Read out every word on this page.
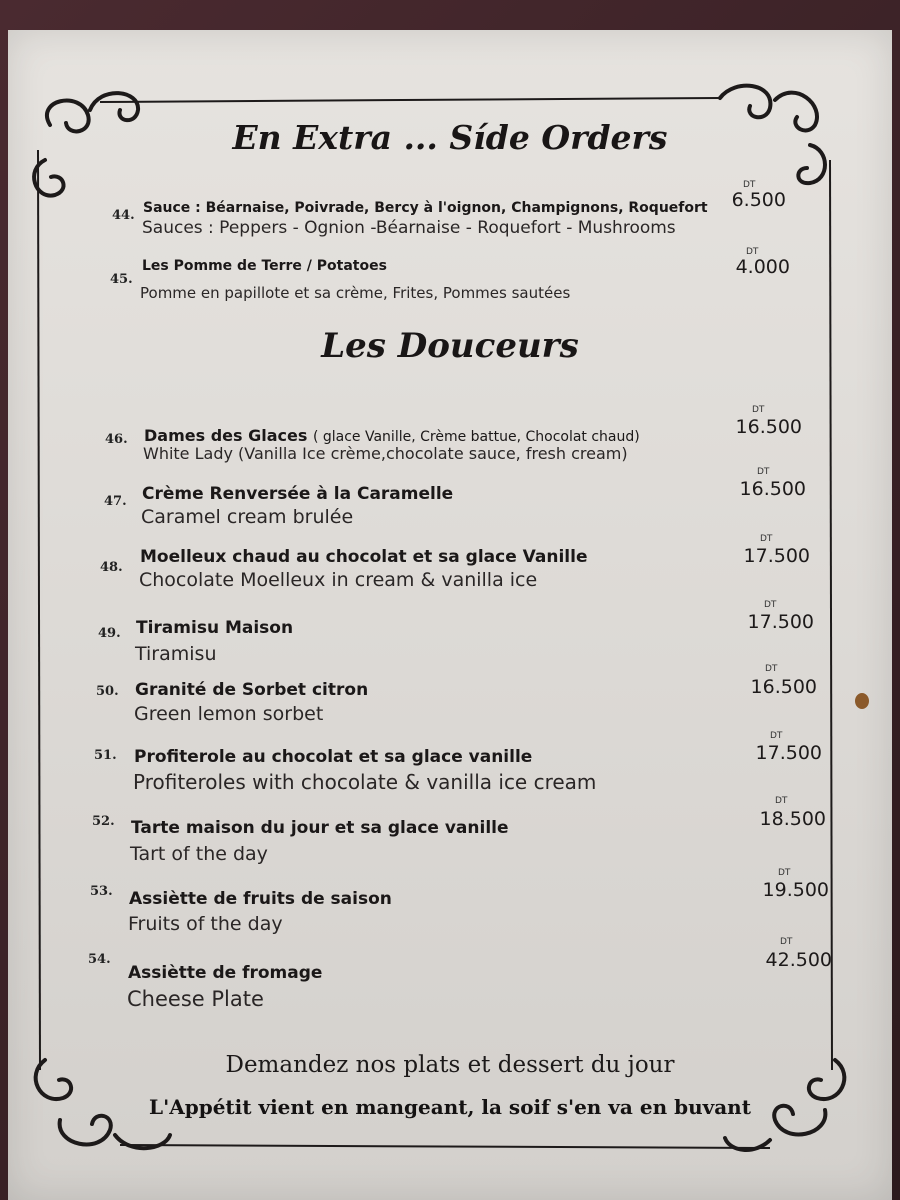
En Extra ... Síde Orders
44. Sauce : Béarnaise, Poivrade, Bercy à l'oignon, Champignons, Roquefort
Sauces : Peppers - Ognion -Béarnaise - Roquefort - Mushrooms
DT
6.500
45.
Les Pomme de Terre / Potatoes
Pomme en papillote et sa crème, Frites, Pommes sautées
DT
4.000
Les Douceurs
46. Dames des Glaces ( glace Vanille, Crème battue, Chocolat chaud)
White Lady (Vanilla Ice crème,chocolate sauce, fresh cream)
DT
16.500
47. Crème Renversée à la Caramelle
Caramel cream brulée
DT
16.500
48.
Moelleux chaud au chocolat et sa glace Vanille
Chocolate Moelleux in cream & vanilla ice
DT
17.500
49. Tiramisu Maison
Tiramisu
DT
17.500
50. Granité de Sorbet citron
Green lemon sorbet
DT
16.500
51. Profiterole au chocolat et sa glace vanille
Profiteroles with chocolate & vanilla ice cream
DT
17.500
52. Tarte maison du jour et sa glace vanille
Tart of the day
DT
18.500
53. Assiètte de fruits de saison
Fruits of the day
DT
19.500
54.
Assiètte de fromage
Cheese Plate
DT
42.500
Demandez nos plats et dessert du jour
L'Appétit vient en mangeant, la soif s'en va en buvant
